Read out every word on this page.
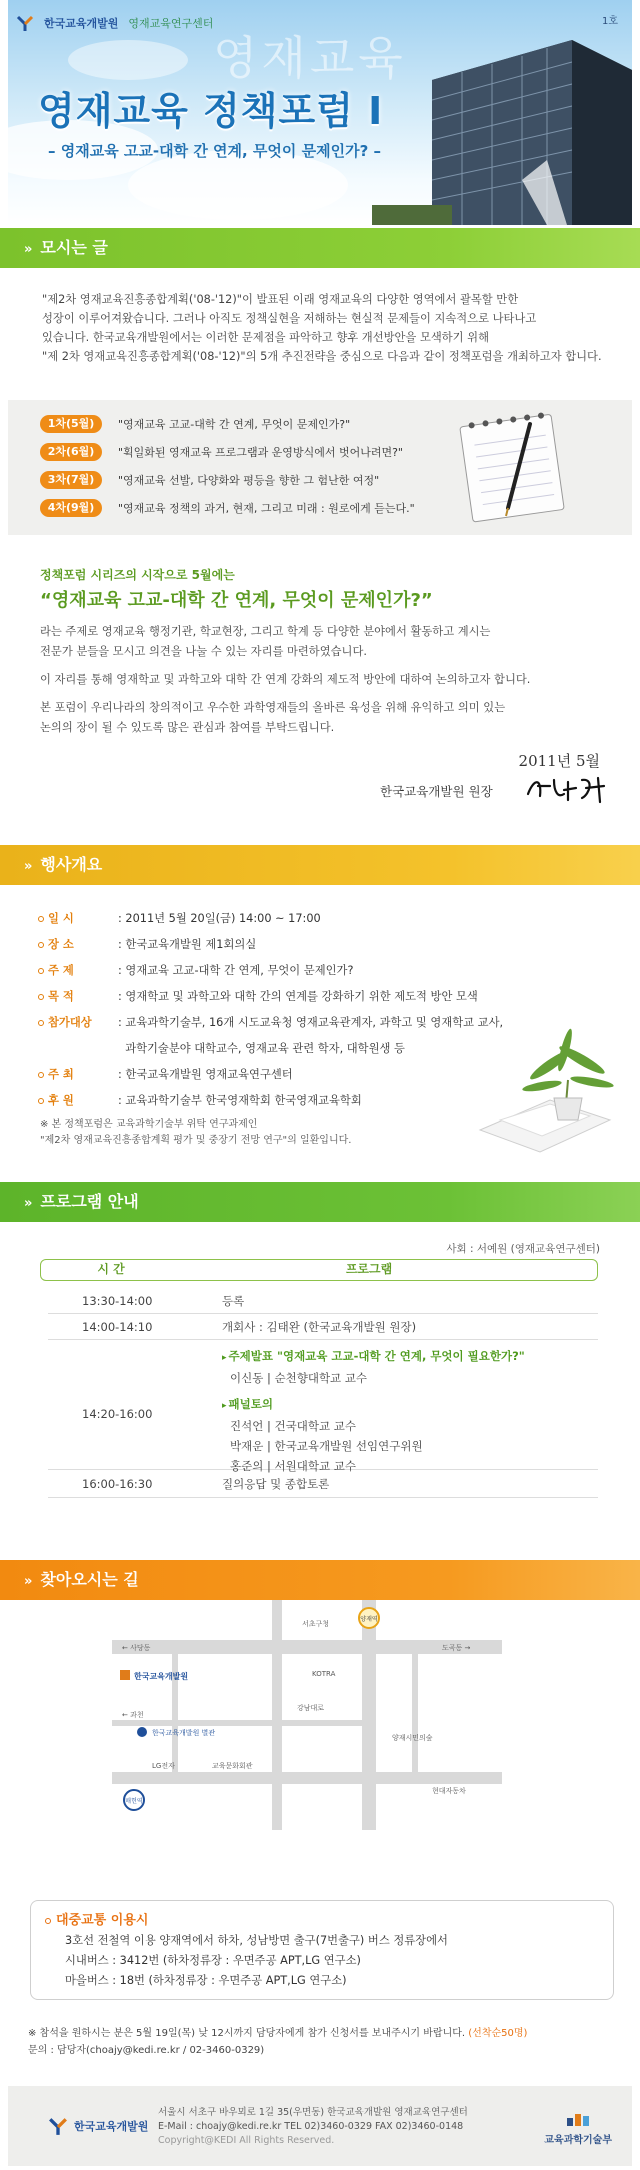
영재교육
한국교육개발원 영재교육연구센터	1호
영재교육 정책포럼 I
– 영재교육 고교-대학 간 연계, 무엇이 문제인가? –
» 모시는 글
"제2차 영재교육진흥종합계획('08-'12)"이 발표된 이래 영재교육의 다양한 영역에서 괄목할 만한
성장이 이루어져왔습니다. 그러나 아직도 정책실현을 저해하는 현실적 문제들이 지속적으로 나타나고
있습니다. 한국교육개발원에서는 이러한 문제점을 파악하고 향후 개선방안을 모색하기 위해
"제 2차 영재교육진흥종합계획('08-'12)"의 5개 추진전략을 중심으로 다음과 같이 정책포럼을 개최하고자 합니다.
1차(5월)	"영재교육 고교-대학 간 연계, 무엇이 문제인가?"
2차(6월)	"획일화된 영재교육 프로그램과 운영방식에서 벗어나려면?"
3차(7월)	"영재교육 선발, 다양화와 평등을 향한 그 험난한 여정"
4차(9월)	"영재교육 정책의 과거, 현재, 그리고 미래 : 원로에게 듣는다."
정책포럼 시리즈의 시작으로 5월에는
“영재교육 고교-대학 간 연계, 무엇이 문제인가?”
라는 주제로 영재교육 행정기관, 학교현장, 그리고 학계 등 다양한 분야에서 활동하고 계시는
전문가 분들을 모시고 의견을 나눌 수 있는 자리를 마련하였습니다.
이 자리를 통해 영재학교 및 과학고와 대학 간 연계 강화의 제도적 방안에 대하여 논의하고자 합니다.
본 포럼이 우리나라의 창의적이고 우수한 과학영재들의 올바른 육성을 위해 유익하고 의미 있는
논의의 장이 될 수 있도록 많은 관심과 참여를 부탁드립니다.
2011년 5월
한국교육개발원 원장
» 행사개요
일 시	: 2011년 5월 20일(금) 14:00 ~ 17:00
장 소	: 한국교육개발원 제1회의실
주 제	: 영재교육 고교-대학 간 연계, 무엇이 문제인가?
목 적	: 영재학교 및 과학고와 대학 간의 연계를 강화하기 위한 제도적 방안 모색
참가대상	: 교육과학기술부, 16개 시도교육청 영재교육관계자, 과학고 및 영재학교 교사,
과학기술분야 대학교수, 영재교육 관련 학자, 대학원생 등
주 최	: 한국교육개발원 영재교육연구센터
후 원	: 교육과학기술부 한국영재학회 한국영재교육학회
※ 본 정책포럼은 교육과학기술부 위탁 연구과제인
"제2차 영재교육진흥종합계획 평가 및 중장기 전망 연구"의 일환입니다.
» 프로그램 안내
사회 : 서예원 (영재교육연구센터)
시 간	프로그램
13:30-14:00	등록
14:00-14:10	개회사 : 김태완 (한국교육개발원 원장)
14:20-16:00
▸ 주제발표 "영재교육 고교-대학 간 연계, 무엇이 필요한가?"
이신동 | 순천향대학교 교수
▸ 패널토의
진석언 | 건국대학교 교수
박재운 | 한국교육개발원 선임연구위원
홍준의 | 서원대학교 교수
16:00-16:30	질의응답 및 종합토론
» 찾아오시는 길
← 사당동	도곡동 →
← 과천
서초구청
강남대로
양재시민의숲
LG전자	교육문화회관
현대자동차
KOTRA
양재역
매헌역
한국교육개발원
한국교육개발원 별관
대중교통 이용시
3호선 전철역 이용 양재역에서 하차, 성남방면 출구(7번출구) 버스 정류장에서
시내버스 : 3412번 (하차정류장 : 우면주공 APT,LG 연구소)
마을버스 : 18번 (하차정류장 : 우면주공 APT,LG 연구소)
※ 참석을 원하시는 분은 5월 19일(목) 낮 12시까지 담당자에게 참가 신청서를 보내주시기 바랍니다. (선착순50명)
문의 : 담당자(choajy@kedi.re.kr / 02-3460-0329)
한국교육개발원
서울시 서초구 바우뫼로 1길 35(우면동) 한국교육개발원 영재교육연구센터
E-Mail : choajy@kedi.re.kr TEL 02)3460-0329 FAX 02)3460-0148
Copyright@KEDI All Rights Reserved.	교육과학기술부
